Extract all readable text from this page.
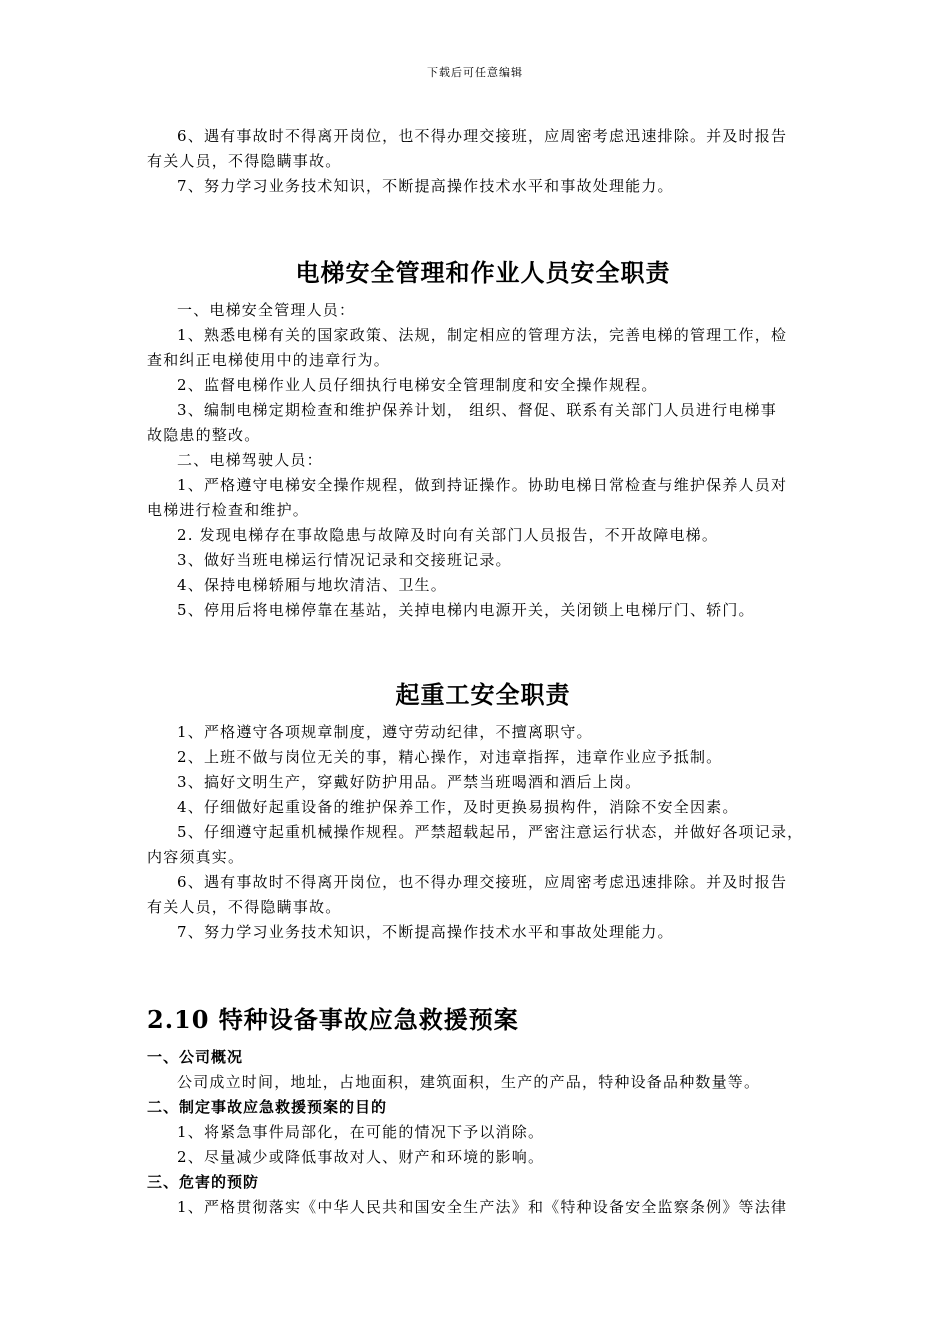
下载后可任意编辑

6、遇有事故时不得离开岗位，也不得办理交接班，应周密考虑迅速排除。并及时报告

有关人员，不得隐瞒事故。

7、努力学习业务技术知识，不断提高操作技术水平和事故处理能力。

电梯安全管理和作业人员安全职责

一、电梯安全管理人员：

1、熟悉电梯有关的国家政策、法规，制定相应的管理方法，完善电梯的管理工作，检

查和纠正电梯使用中的违章行为。

2、监督电梯作业人员仔细执行电梯安全管理制度和安全操作规程。

3、编制电梯定期检查和维护保养计划， 组织、督促、联系有关部门人员进行电梯事

故隐患的整改。

二、电梯驾驶人员：

1、严格遵守电梯安全操作规程，做到持证操作。协助电梯日常检查与维护保养人员对

电梯进行检查和维护。

2. 发现电梯存在事故隐患与故障及时向有关部门人员报告，不开故障电梯。

3、做好当班电梯运行情况记录和交接班记录。

4、保持电梯轿厢与地坎清洁、卫生。

5、停用后将电梯停靠在基站，关掉电梯内电源开关，关闭锁上电梯厅门、轿门。

起重工安全职责

1、严格遵守各项规章制度，遵守劳动纪律，不擅离职守。

2、上班不做与岗位无关的事，精心操作，对违章指挥，违章作业应予抵制。

3、搞好文明生产，穿戴好防护用品。严禁当班喝酒和酒后上岗。

4、仔细做好起重设备的维护保养工作，及时更换易损构件，消除不安全因素。

5、仔细遵守起重机械操作规程。严禁超载起吊，严密注意运行状态，并做好各项记录，

内容须真实。

6、遇有事故时不得离开岗位，也不得办理交接班，应周密考虑迅速排除。并及时报告

有关人员，不得隐瞒事故。

7、努力学习业务技术知识，不断提高操作技术水平和事故处理能力。

2.10 特种设备事故应急救援预案

一、公司概况

公司成立时间，地址，占地面积，建筑面积，生产的产品，特种设备品种数量等。

二、制定事故应急救援预案的目的

1、将紧急事件局部化，在可能的情况下予以消除。

2、尽量减少或降低事故对人、财产和环境的影响。

三、危害的预防

1、严格贯彻落实《中华人民共和国安全生产法》和《特种设备安全监察条例》等法律
